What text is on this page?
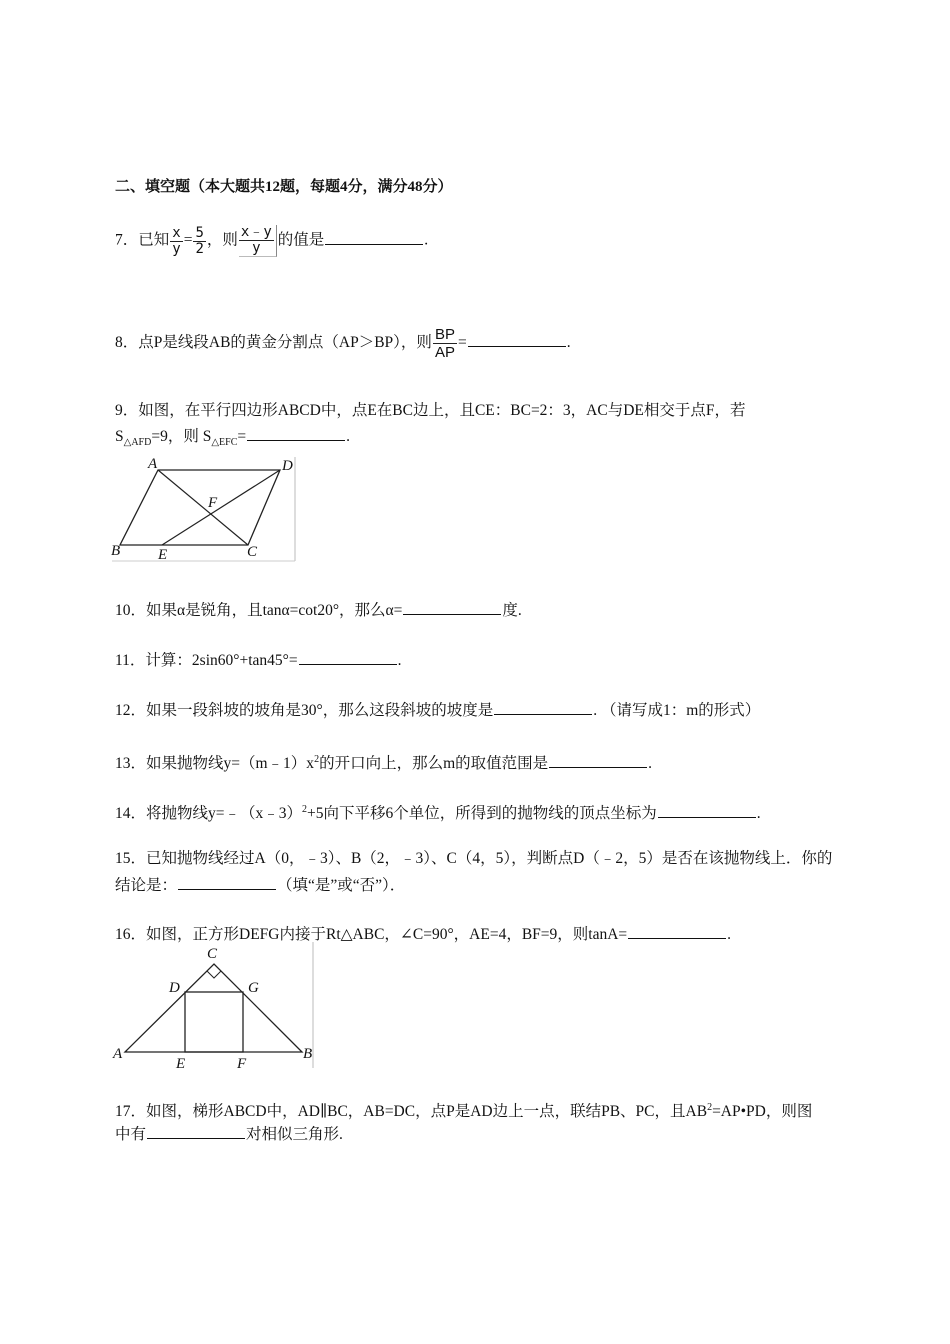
二、填空题（本大题共12题，每题4分，满分48分）
7．已知 $\frac{x}{y} = \frac{5}{2}$ ，则 $\frac{x﹣y}{y}$ 的值是	.
8．点P是线段AB的黄金分割点（AP＞BP），则 $\frac{BP}{AP}$ =	.
9．如图，在平行四边形ABCD中，点E在BC边上，且CE：BC=2：3，AC与DE相交于点F，若
$S_{\triangle AFD}=9$，则 $S_{\triangle EFC}=$	.
A	D
F
B	E	C
10．如果α是锐角，且tanα=cot20°，那么α=	度.
11．计算：2sin60°+tan45°=	.
12．如果一段斜坡的坡角是30°，那么这段斜坡的坡度是	. （请写成1：m的形式）
13．如果抛物线$y=(m﹣1)x^2$的开口向上，那么m的取值范围是	.
14．将抛物线y=﹣（x﹣3）$^2$+5向下平移6个单位，所得到的抛物线的顶点坐标为	.
15．已知抛物线经过A（0，﹣3）、B（2，﹣3）、C（4，5），判断点D（﹣2，5）是否在该抛物线上．你的
结论是：	（填“是”或“否”）．
16．如图，正方形DEFG内接于Rt△ABC，∠C=90°，AE=4，BF=9，则tanA=	.
C
D	G
A
E	F
B
17．如图，梯形ABCD中，AD∥BC，AB=DC，点P是AD边上一点，联结PB、PC，且$AB^2=AP•PD$，则图
中有	对相似三角形.
